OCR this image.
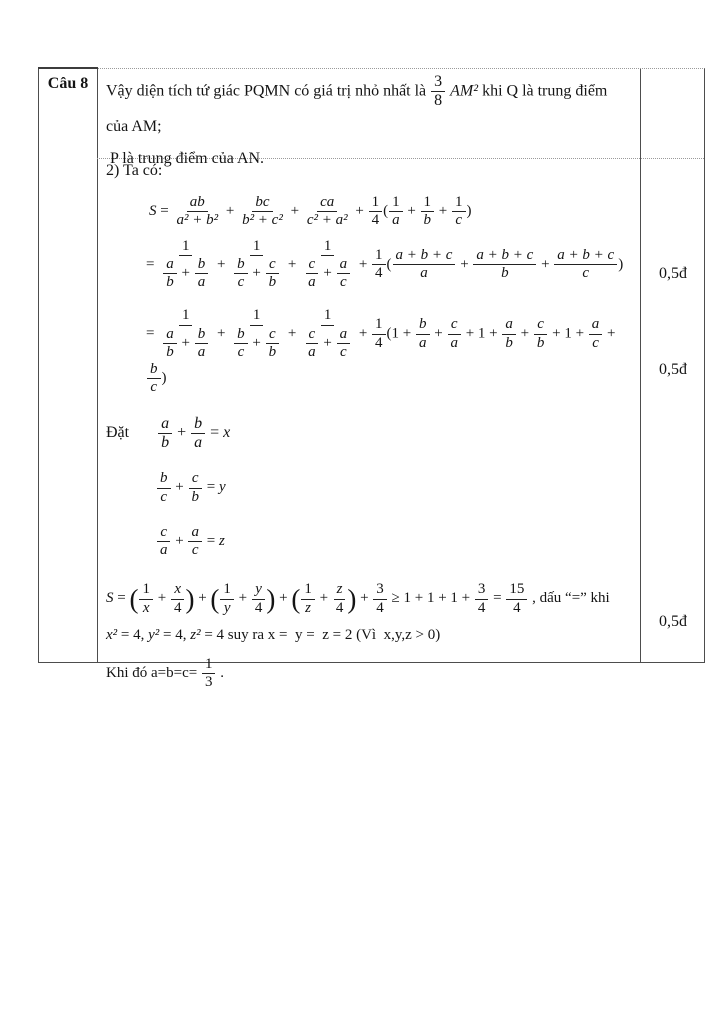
Câu 8	Vậy diện tích tứ giác PQMN có giá trị nhỏ nhất là $\frac{3}{8} AM^2$ khi Q là trung điểm
của AM;
P là trung điểm của AN.
2) Ta có:
$S = \frac{ab}{\text{a² + b²}} + \frac{bc}{\text{b² + c²}} + \frac{ca}{\text{c² + a²}} + \frac{1}{4}$ ( $\frac{1}{a} + \frac{1}{b} + \frac{1}{c}$ )
= $\frac{1}{\frac{a}{b} + \frac{b}{a}} + \frac{1}{\frac{b}{c} + \frac{c}{b}} + \frac{1}{\frac{c}{a} + \frac{a}{c}} + \frac{1}{4}$ ( $\frac{a + b + c}{a} + \frac{a + b + c}{b} + \frac{a + b + c}{c}$ )
= $\frac{1}{\frac{a}{b} + \frac{b}{a}} + \frac{1}{\frac{b}{c} + \frac{c}{b}} + \frac{1}{\frac{c}{a} + \frac{a}{c}} + \frac{1}{4} (1 + \frac{b}{a} + \frac{c}{a} + 1 + \frac{a}{b} + \frac{c}{b} + 1 + \frac{a}{c}$ +
$\frac{b}{c}$ )
Đặt $\frac{a}{b} + \frac{b}{a} = x$
$\frac{b}{c} + \frac{c}{b} = y$
$\frac{c}{a} + \frac{a}{c} = z$
S = ( $\frac{1}{x} + \frac{x}{4}$ ) + ( $\frac{1}{y} + \frac{y}{4}$ ) + ( $\frac{1}{z} + \frac{z}{4}$ ) + $\frac{3}{4} \ge 1 + 1 + 1 + \frac{3}{4} = \frac{15}{4}$ , dấu “=” khi
x² = 4, y² = 4, z² = 4 suy ra x =  y =  z = 2 (Vì  x,y,z > 0)
Khi đó $a=b=c= \frac{1}{3}$ .
0,5đ
0,5đ
0,5đ
